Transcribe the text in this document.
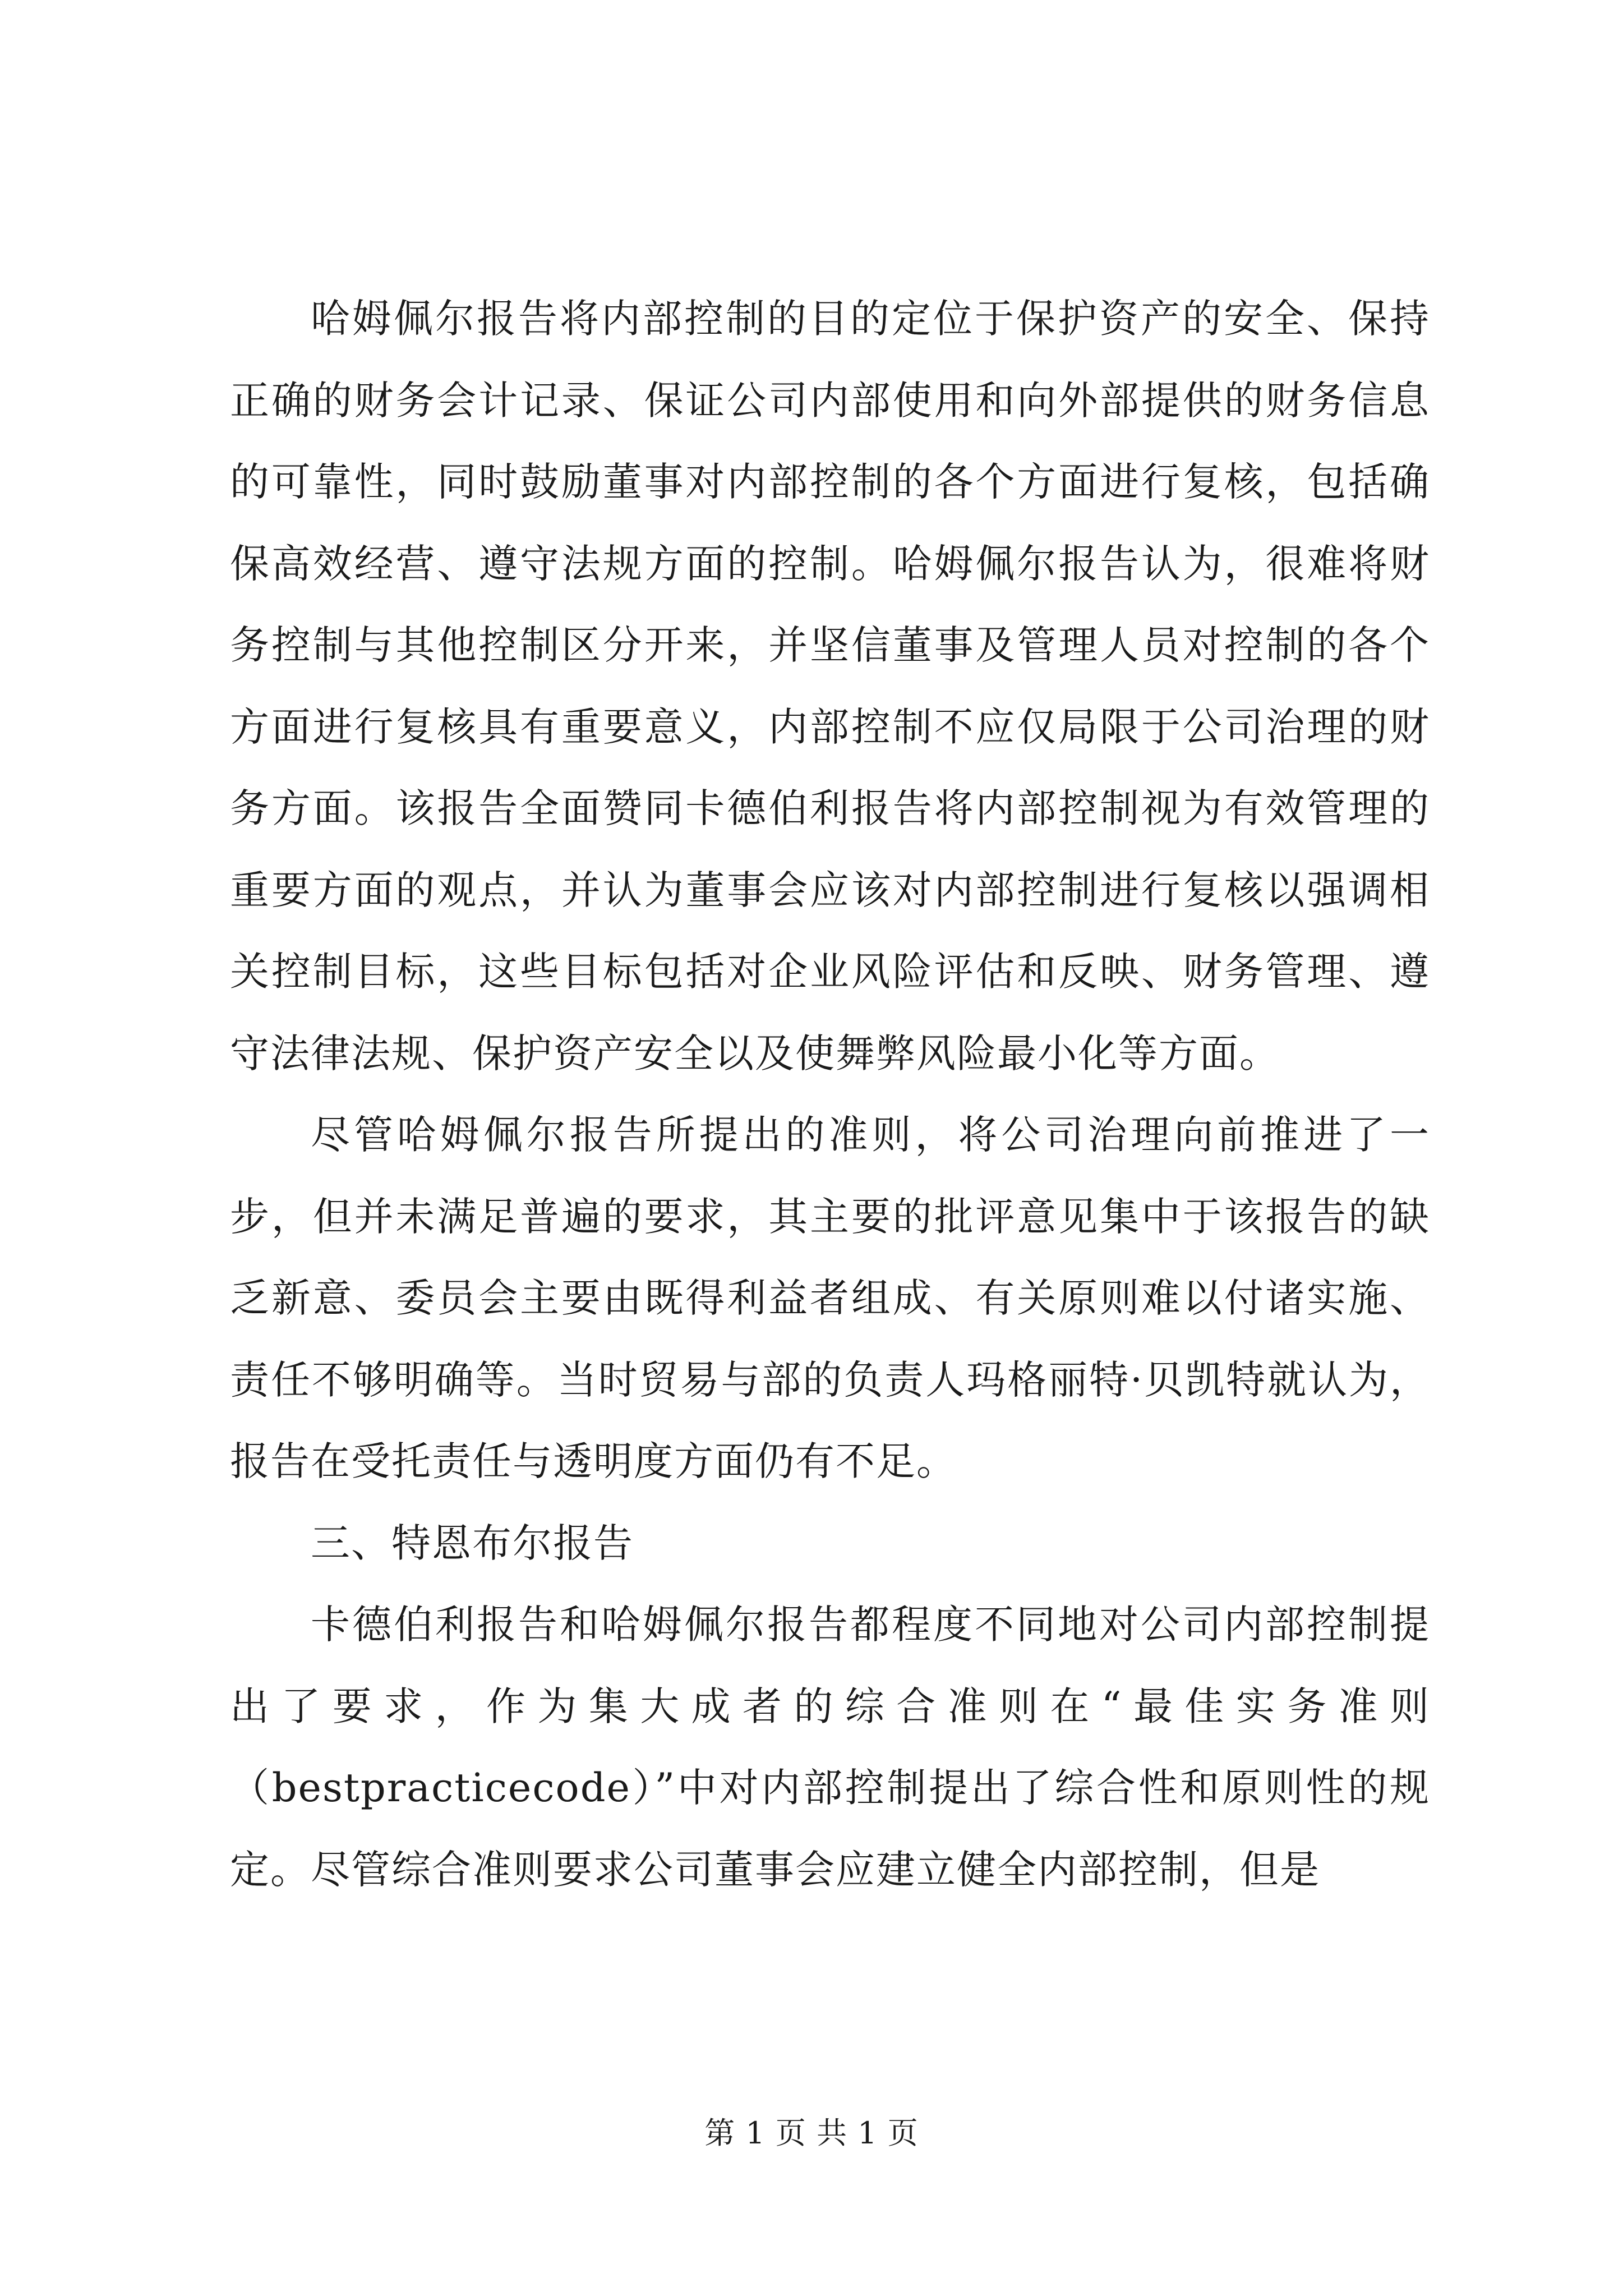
哈姆佩尔报告将内部控制的目的定位于保护资产的安全、保持正确的财务会计记录、保证公司内部使用和向外部提供的财务信息的可靠性，同时鼓励董事对内部控制的各个方面进行复核，包括确保高效经营、遵守法规方面的控制。哈姆佩尔报告认为，很难将财务控制与其他控制区分开来，并坚信董事及管理人员对控制的各个方面进行复核具有重要意义，内部控制不应仅局限于公司治理的财务方面。该报告全面赞同卡德伯利报告将内部控制视为有效管理的重要方面的观点，并认为董事会应该对内部控制进行复核以强调相关控制目标，这些目标包括对企业风险评估和反映、财务管理、遵守法律法规、保护资产安全以及使舞弊风险最小化等方面。

尽管哈姆佩尔报告所提出的准则，将公司治理向前推进了一步，但并未满足普遍的要求，其主要的批评意见集中于该报告的缺乏新意、委员会主要由既得利益者组成、有关原则难以付诸实施、责任不够明确等。当时贸易与部的负责人玛格丽特·贝凯特就认为，报告在受托责任与透明度方面仍有不足。

三、特恩布尔报告

卡德伯利报告和哈姆佩尔报告都程度不同地对公司内部控制提出了要求，作为集大成者的综合准则在“最佳实务准则（bestpracticecode）”中对内部控制提出了综合性和原则性的规定。尽管综合准则要求公司董事会应建立健全内部控制，但是

第 1 页 共 1 页
